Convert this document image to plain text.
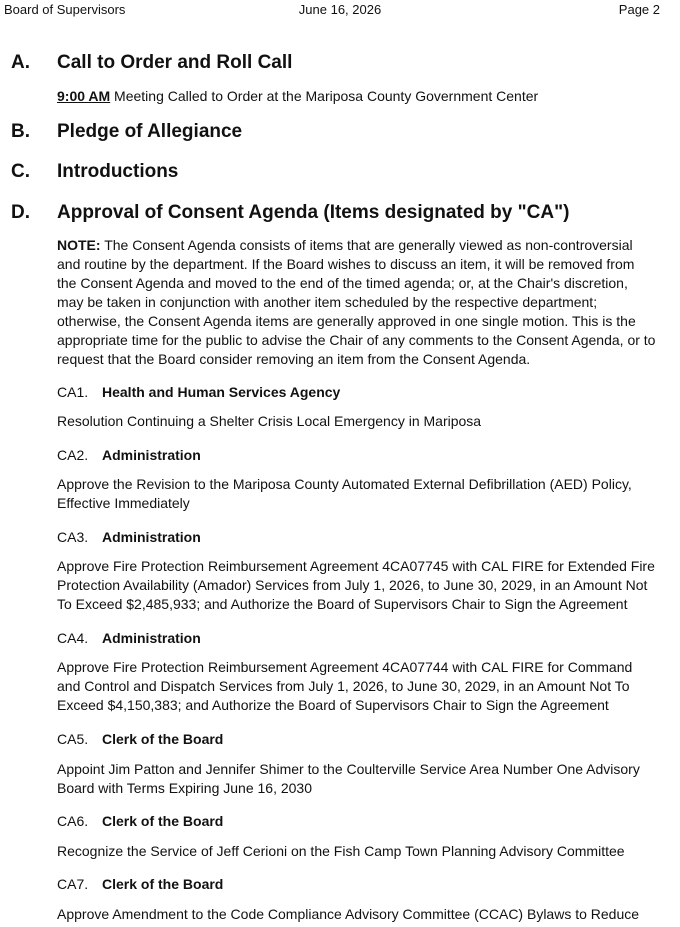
Board of Supervisors	June 16, 2026	Page 2
A. Call to Order and Roll Call
9:00 AM Meeting Called to Order at the Mariposa County Government Center
B. Pledge of Allegiance
C. Introductions
D. Approval of Consent Agenda (Items designated by "CA")
NOTE: The Consent Agenda consists of items that are generally viewed as non-controversial and routine by the department. If the Board wishes to discuss an item, it will be removed from the Consent Agenda and moved to the end of the timed agenda; or, at the Chair's discretion, may be taken in conjunction with another item scheduled by the respective department; otherwise, the Consent Agenda items are generally approved in one single motion. This is the appropriate time for the public to advise the Chair of any comments to the Consent Agenda, or to request that the Board consider removing an item from the Consent Agenda.
CA1. Health and Human Services Agency
Resolution Continuing a Shelter Crisis Local Emergency in Mariposa
CA2. Administration
Approve the Revision to the Mariposa County Automated External Defibrillation (AED) Policy, Effective Immediately
CA3. Administration
Approve Fire Protection Reimbursement Agreement 4CA07745 with CAL FIRE for Extended Fire Protection Availability (Amador) Services from July 1, 2026, to June 30, 2029, in an Amount Not To Exceed $2,485,933; and Authorize the Board of Supervisors Chair to Sign the Agreement
CA4. Administration
Approve Fire Protection Reimbursement Agreement 4CA07744 with CAL FIRE for Command and Control and Dispatch Services from July 1, 2026, to June 30, 2029, in an Amount Not To Exceed $4,150,383; and Authorize the Board of Supervisors Chair to Sign the Agreement
CA5. Clerk of the Board
Appoint Jim Patton and Jennifer Shimer to the Coulterville Service Area Number One Advisory Board with Terms Expiring June 16, 2030
CA6. Clerk of the Board
Recognize the Service of Jeff Cerioni on the Fish Camp Town Planning Advisory Committee
CA7. Clerk of the Board
Approve Amendment to the Code Compliance Advisory Committee (CCAC) Bylaws to Reduce
